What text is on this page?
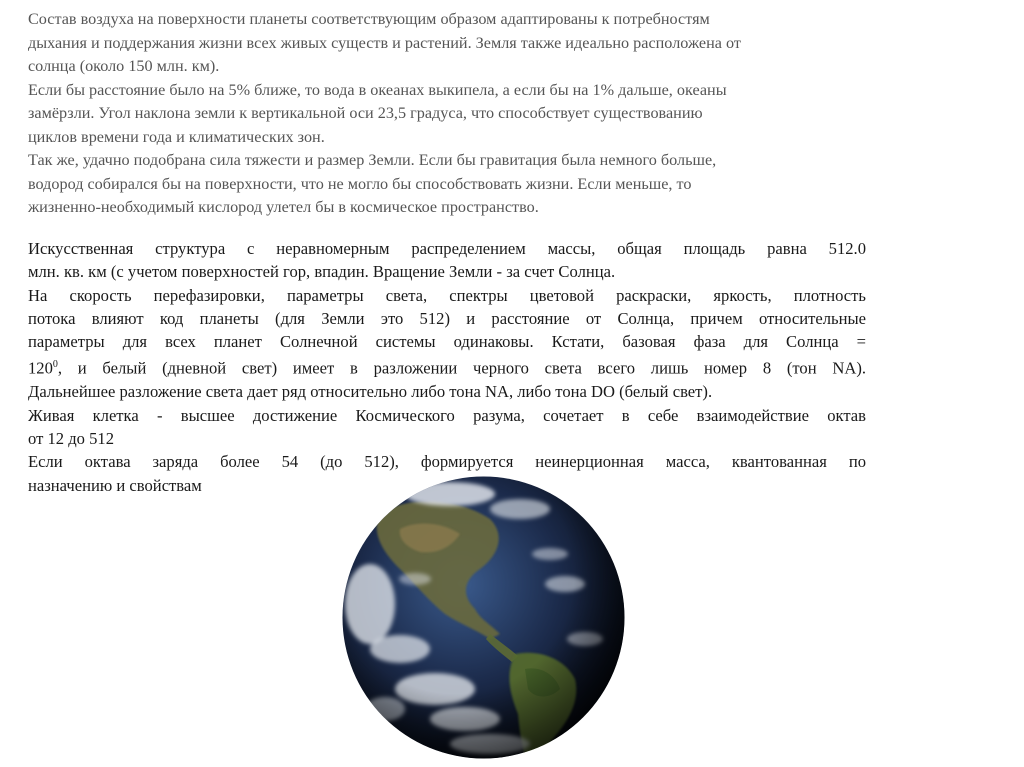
Состав воздуха на поверхности планеты соответствующим образом адаптированы к потребностям

дыхания и поддержания жизни всех живых существ и растений. Земля также идеально расположена от

солнца (около 150 млн. км).

Если бы расстояние было на 5% ближе, то вода в океанах выкипела, а если бы на 1% дальше, океаны

замёрзли. Угол наклона земли к вертикальной оси 23,5 градуса, что способствует существованию

циклов времени года и климатических зон.

Так же, удачно подобрана сила тяжести и размер Земли. Если бы гравитация была немного больше,

водород собирался бы на поверхности, что не могло бы способствовать жизни. Если меньше, то

жизненно-необходимый кислород улетел бы в космическое пространство.

Искусственная структура с неравномерным распределением массы, общая площадь равна 512.0

млн. кв. км (с учетом поверхностей гор, впадин. Вращение Земли - за счет Солнца.

На скорость перефазировки, параметры света, спектры цветовой раскраски, яркость, плотность

потока влияют код планеты (для Земли это 512) и расстояние от Солнца, причем относительные

параметры для всех планет Солнечной системы одинаковы. Кстати, базовая фаза для Солнца =

$120^0$, и белый (дневной свет) имеет в разложении черного света всего лишь номер 8 (тон NA).

Дальнейшее разложение света дает ряд относительно либо тона NA, либо тона DO (белый свет).

Живая клетка - высшее достижение Космического разума, сочетает в себе взаимодействие октав

от 12 до 512

Если октава заряда более 54 (до 512), формируется неинерционная масса, квантованная по

назначению и свойствам
